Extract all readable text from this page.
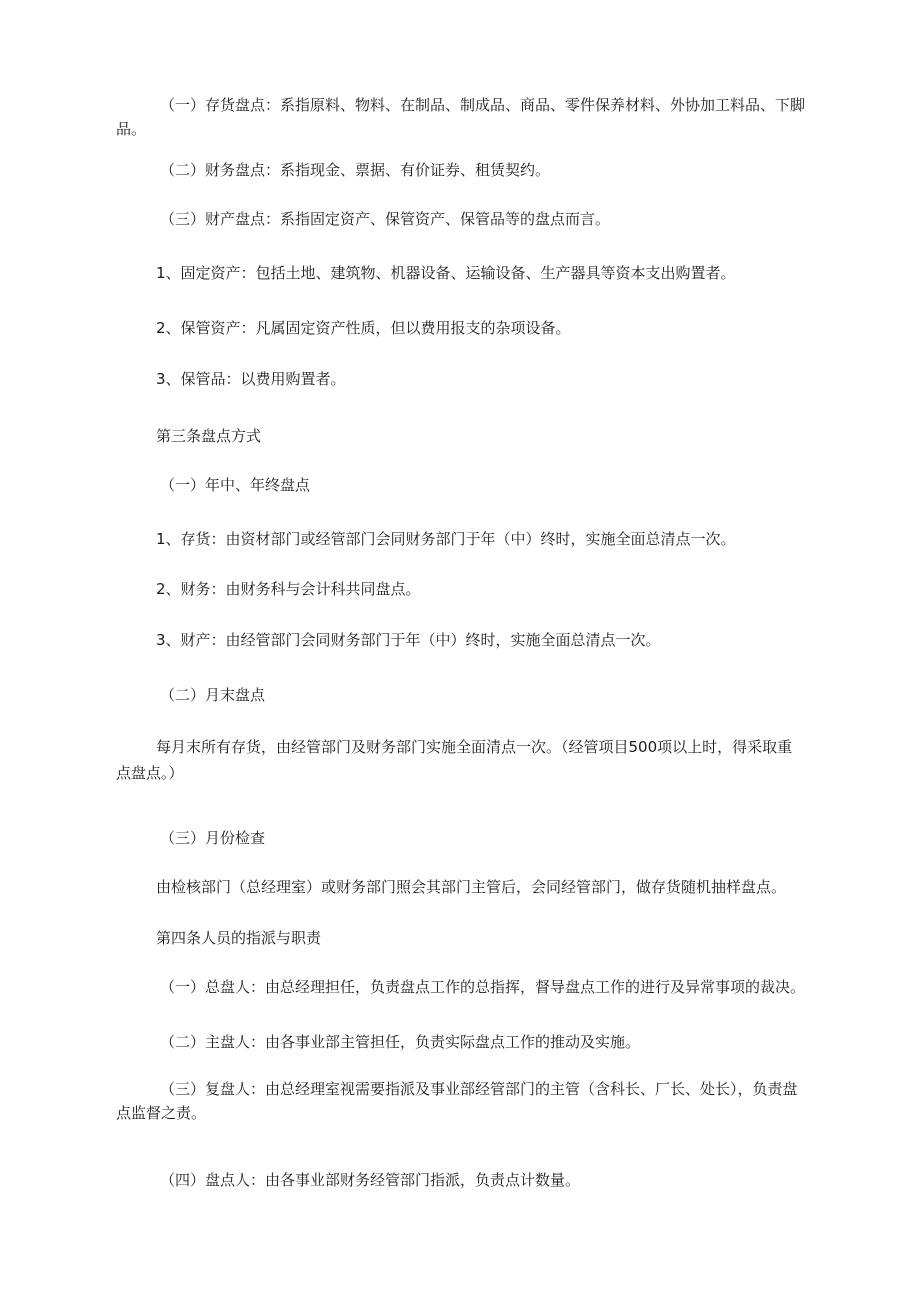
（一）存货盘点：系指原料、物料、在制品、制成品、商品、零件保养材料、外协加工料品、下脚品。

（二）财务盘点：系指现金、票据、有价证券、租赁契约。

（三）财产盘点：系指固定资产、保管资产、保管品等的盘点而言。

1、固定资产：包括土地、建筑物、机器设备、运输设备、生产器具等资本支出购置者。

2、保管资产：凡属固定资产性质，但以费用报支的杂项设备。

3、保管品：以费用购置者。

第三条盘点方式

（一）年中、年终盘点

1、存货：由资材部门或经管部门会同财务部门于年（中）终时，实施全面总清点一次。

2、财务：由财务科与会计科共同盘点。

3、财产：由经管部门会同财务部门于年（中）终时，实施全面总清点一次。

（二）月末盘点

每月末所有存货，由经管部门及财务部门实施全面清点一次。（经管项目500项以上时，得采取重点盘点。）

（三）月份检查

由检核部门（总经理室）或财务部门照会其部门主管后，会同经管部门，做存货随机抽样盘点。

第四条人员的指派与职责

（一）总盘人：由总经理担任，负责盘点工作的总指挥，督导盘点工作的进行及异常事项的裁决。

（二）主盘人：由各事业部主管担任，负责实际盘点工作的推动及实施。

（三）复盘人：由总经理室视需要指派及事业部经管部门的主管（含科长、厂长、处长），负责盘点监督之责。

（四）盘点人：由各事业部财务经管部门指派，负责点计数量。
